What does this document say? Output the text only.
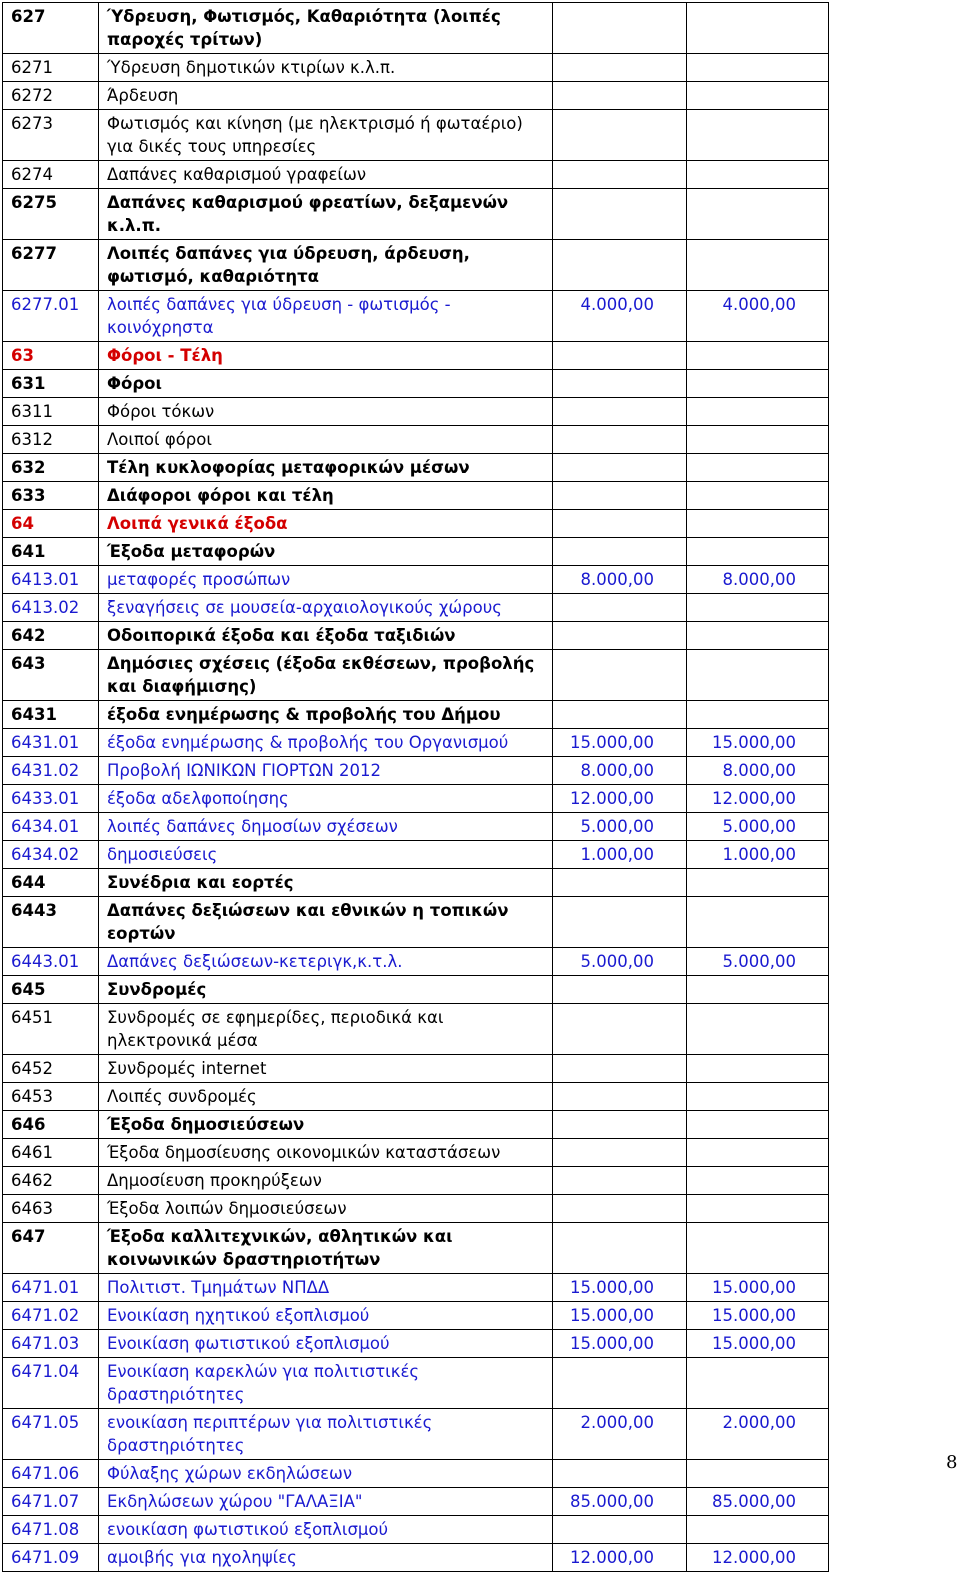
627	Ύδρευση, Φωτισμός, Καθαριότητα (λοιπές παροχές τρίτων)		
6271	Ύδρευση δημοτικών κτιρίων κ.λ.π.		
6272	Άρδευση		
6273	Φωτισμός και κίνηση (με ηλεκτρισμό ή φωταέριο) για δικές τους υπηρεσίες		
6274	Δαπάνες καθαρισμού γραφείων		
6275	Δαπάνες καθαρισμού φρεατίων, δεξαμενών κ.λ.π.		
6277	Λοιπές δαπάνες για ύδρευση, άρδευση, φωτισμό, καθαριότητα		
6277.01	λοιπές δαπάνες για ύδρευση - φωτισμός - κοινόχρηστα	4.000,00	4.000,00
63	Φόροι - Τέλη		
631	Φόροι		
6311	Φόροι τόκων		
6312	Λοιποί φόροι		
632	Τέλη κυκλοφορίας μεταφορικών μέσων		
633	Διάφοροι φόροι και τέλη		
64	Λοιπά γενικά έξοδα		
641	Έξοδα μεταφορών		
6413.01	μεταφορές προσώπων	8.000,00	8.000,00
6413.02	ξεναγήσεις σε μουσεία-αρχαιολογικούς χώρους		
642	Οδοιπορικά έξοδα και έξοδα ταξιδιών		
643	Δημόσιες σχέσεις (έξοδα εκθέσεων, προβολής και διαφήμισης)		
6431	έξοδα ενημέρωσης & προβολής του Δήμου		
6431.01	έξοδα ενημέρωσης & προβολής του Οργανισμού	15.000,00	15.000,00
6431.02	Προβολή ΙΩΝΙΚΩΝ ΓΙΟΡΤΩΝ 2012	8.000,00	8.000,00
6433.01	έξοδα αδελφοποίησης	12.000,00	12.000,00
6434.01	λοιπές δαπάνες δημοσίων σχέσεων	5.000,00	5.000,00
6434.02	δημοσιεύσεις	1.000,00	1.000,00
644	Συνέδρια και εορτές		
6443	Δαπάνες δεξιώσεων και εθνικών η τοπικών εορτών		
6443.01	Δαπάνες δεξιώσεων-κετεριγκ,κ.τ.λ.	5.000,00	5.000,00
645	Συνδρομές		
6451	Συνδρομές σε εφημερίδες, περιοδικά και ηλεκτρονικά μέσα		
6452	Συνδρομές internet		
6453	Λοιπές συνδρομές		
646	Έξοδα δημοσιεύσεων		
6461	Έξοδα δημοσίευσης οικονομικών καταστάσεων		
6462	Δημοσίευση προκηρύξεων		
6463	Έξοδα λοιπών δημοσιεύσεων		
647	Έξοδα καλλιτεχνικών, αθλητικών και κοινωνικών δραστηριοτήτων		
6471.01	Πολιτιστ. Τμημάτων ΝΠΔΔ	15.000,00	15.000,00
6471.02	Ενοικίαση ηχητικού εξοπλισμού	15.000,00	15.000,00
6471.03	Ενοικίαση φωτιστικού εξοπλισμού	15.000,00	15.000,00
6471.04	Ενοικίαση καρεκλών για πολιτιστικές δραστηριότητες		
6471.05	ενοικίαση περιπτέρων για πολιτιστικές δραστηριότητες	2.000,00	2.000,00
6471.06	Φύλαξης χώρων εκδηλώσεων		
6471.07	Εκδηλώσεων χώρου "ΓΑΛΑΞΙΑ"	85.000,00	85.000,00
6471.08	ενοικίαση φωτιστικού εξοπλισμού		
6471.09	αμοιβής για ηχοληψίες	12.000,00	12.000,00
8
